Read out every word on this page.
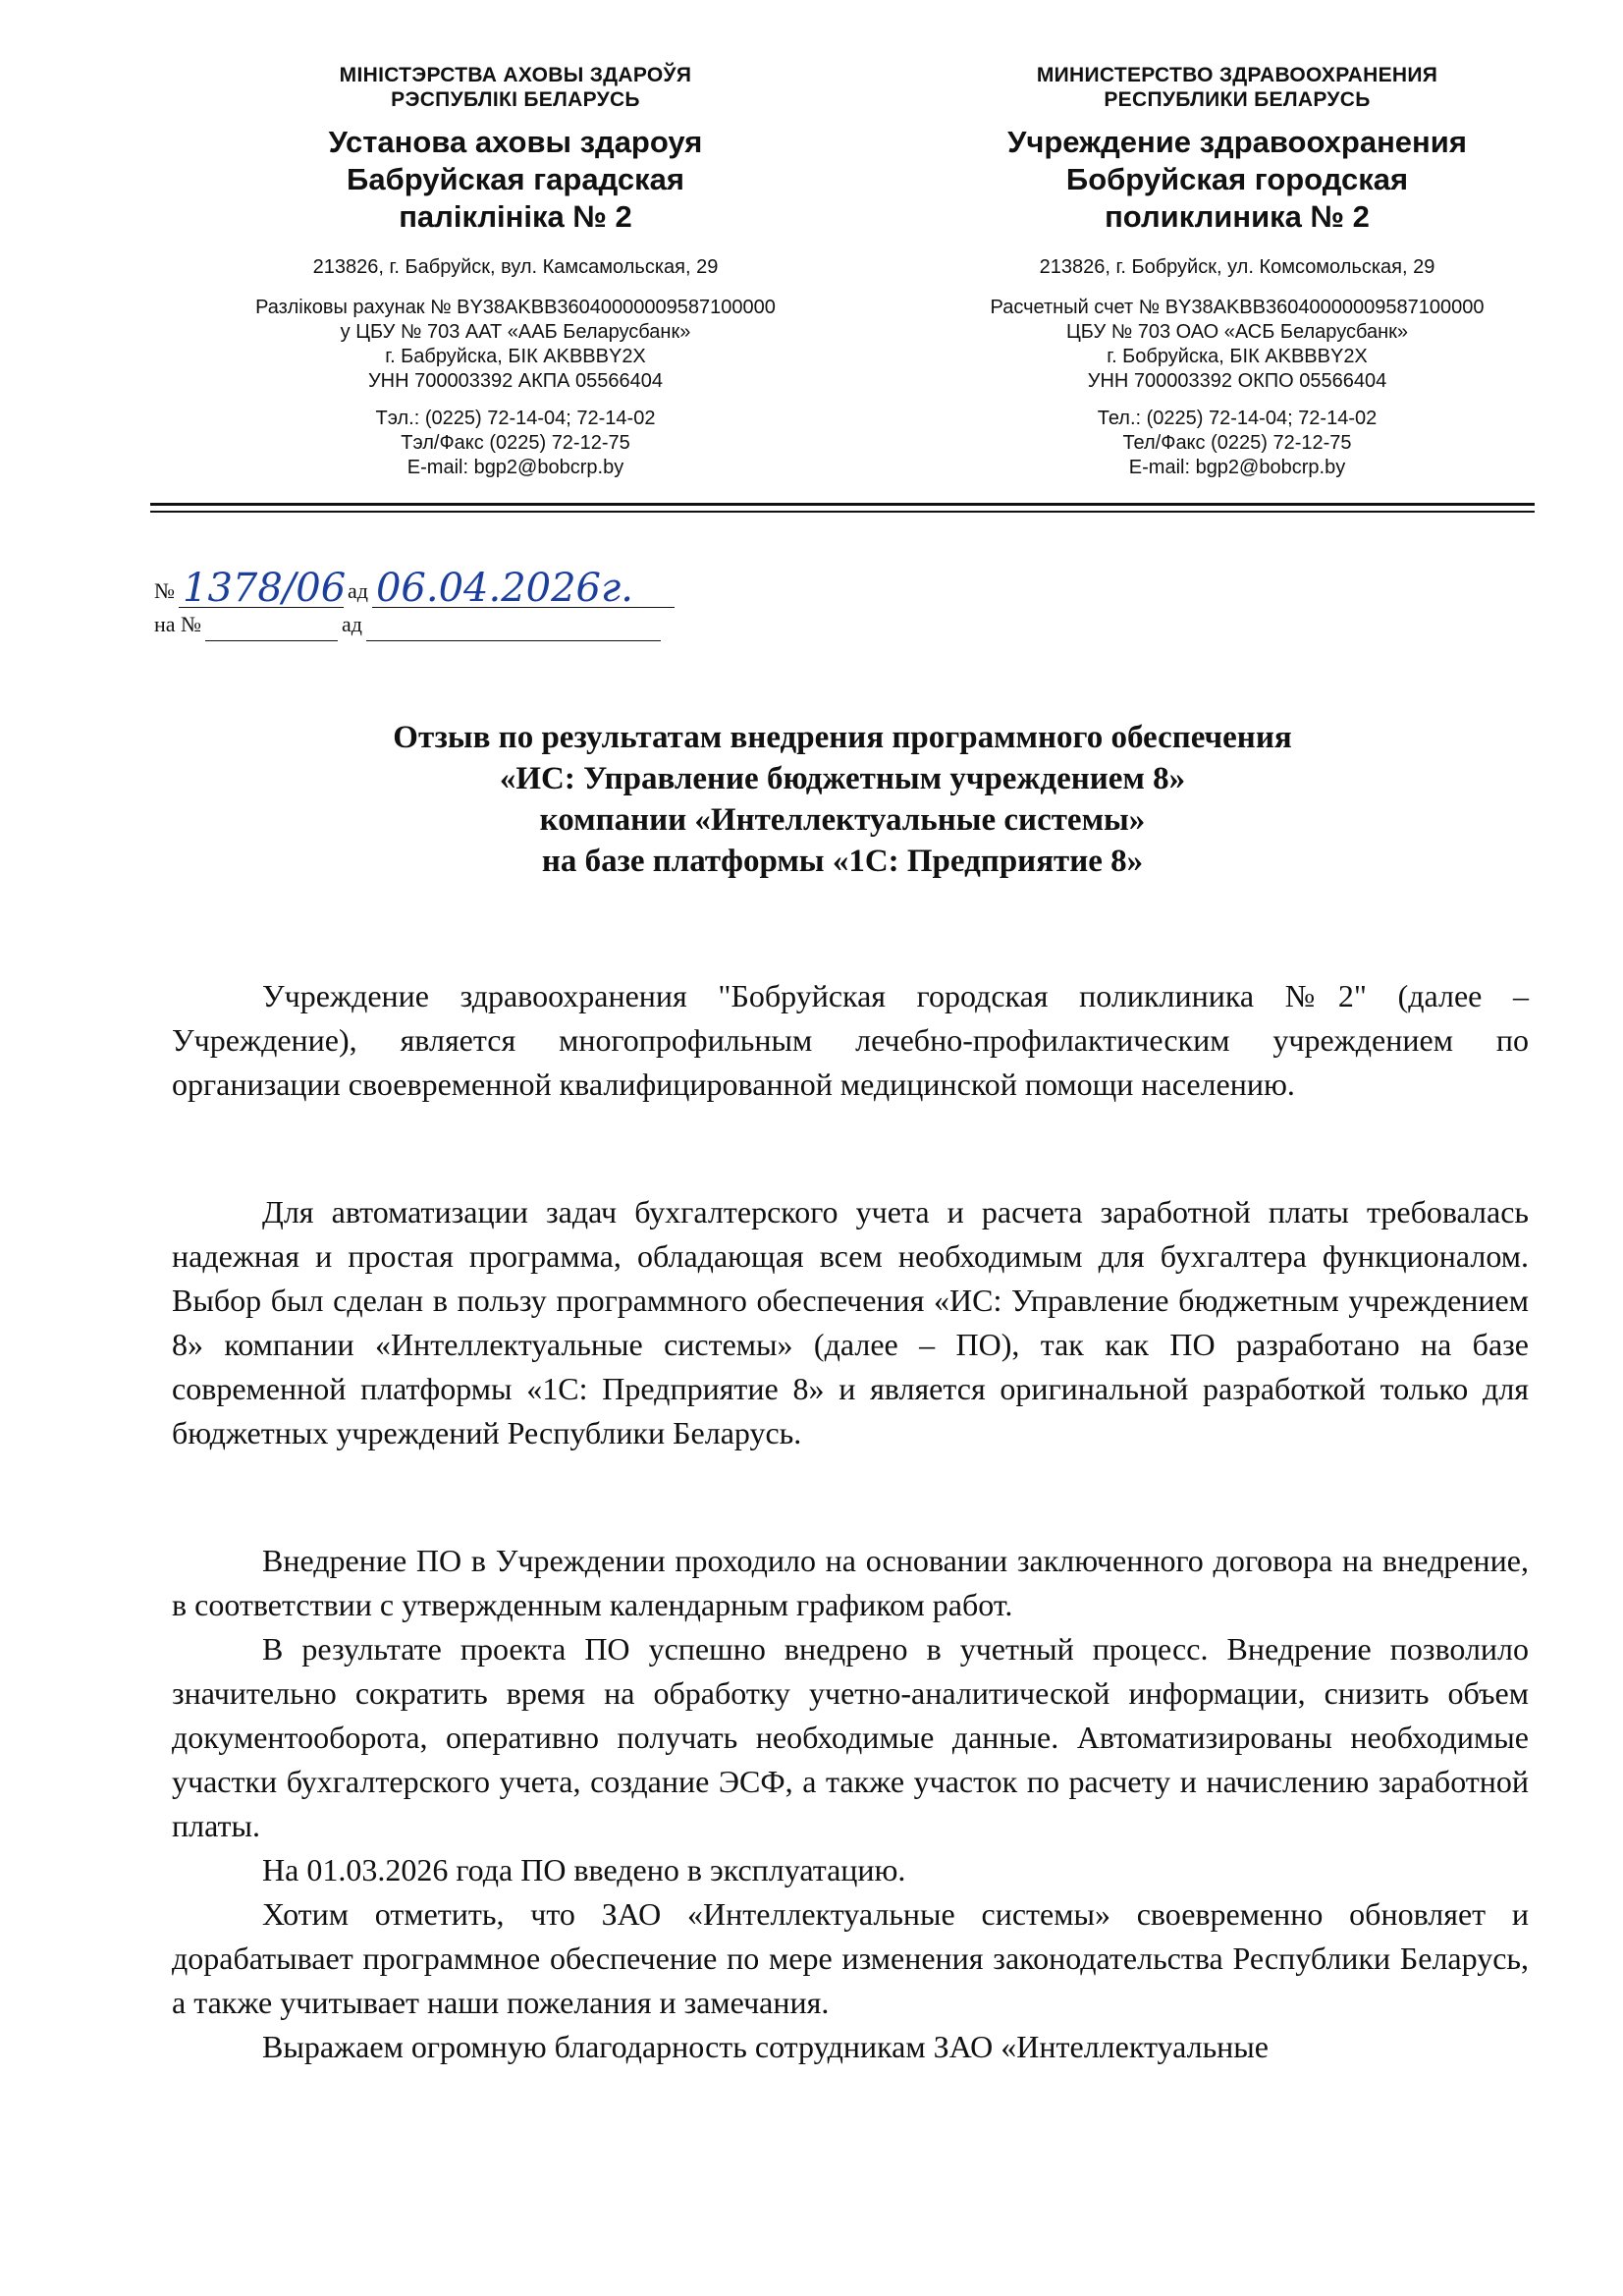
МIНIСТЭРСТВА АХОВЫ ЗДАРОЎЯ
РЭСПУБЛIКI БЕЛАРУСЬ
Установа аховы здароуя
Бабруйская гарадская
палiклiнiка № 2
213826, г. Бабруйск, вул. Камсамольская, 29
Разлiковы рахунак № BY38AKBB36040000009587100000
у ЦБУ № 703 ААТ «ААБ Беларусбанк»
г. Бабруйска, БIК AKBBBY2X
УНН 700003392 АКПА 05566404
Тэл.: (0225) 72-14-04; 72-14-02
Тэл/Факс (0225) 72-12-75
E-mail: bgp2@bobcrp.by
МИНИСТЕРСТВО ЗДРАВООХРАНЕНИЯ
РЕСПУБЛИКИ БЕЛАРУСЬ
Учреждение здравоохранения
Бобруйская городская
поликлиника № 2
213826, г. Бобруйск, ул. Комсомольская, 29
Расчетный счет № BY38AKBB36040000009587100000
ЦБУ № 703 ОАО «АСБ Беларусбанк»
г. Бобруйска, БIК AKBBBY2X
УНН 700003392 ОКПО 05566404
Тел.: (0225) 72-14-04; 72-14-02
Тел/Факс (0225) 72-12-75
E-mail: bgp2@bobcrp.by
№ 1378/06 ад 06.04.2026г.
на №	ад
Отзыв по результатам внедрения программного обеспечения
«ИС: Управление бюджетным учреждением 8»
компании «Интеллектуальные системы»
на базе платформы «1С: Предприятие 8»

Учреждение здравоохранения "Бобруйская городская поликлиника №2" (далее – Учреждение), является многопрофильным лечебно-профилактическим учреждением по организации своевременной квалифицированной медицинской помощи населению.

Для автоматизации задач бухгалтерского учета и расчета заработной платы требовалась надежная и простая программа, обладающая всем необходимым для бухгалтера функционалом. Выбор был сделан в пользу программного обеспечения «ИС: Управление бюджетным учреждением 8» компании «Интеллектуальные системы» (далее – ПО), так как ПО разработано на базе современной платформы «1С: Предприятие 8» и является оригинальной разработкой только для бюджетных учреждений Республики Беларусь.

Внедрение ПО в Учреждении проходило на основании заключенного договора на внедрение, в соответствии с утвержденным календарным графиком работ.

В результате проекта ПО успешно внедрено в учетный процесс. Внедрение позволило значительно сократить время на обработку учетно-аналитической информации, снизить объем документооборота, оперативно получать необходимые данные. Автоматизированы необходимые участки бухгалтерского учета, создание ЭСФ, а также участок по расчету и начислению заработной платы.

На 01.03.2026 года ПО введено в эксплуатацию.

Хотим отметить, что ЗАО «Интеллектуальные системы» своевременно обновляет и дорабатывает программное обеспечение по мере изменения законодательства Республики Беларусь, а также учитывает наши пожелания и замечания.

Выражаем огромную благодарность сотрудникам ЗАО «Интеллектуальные
